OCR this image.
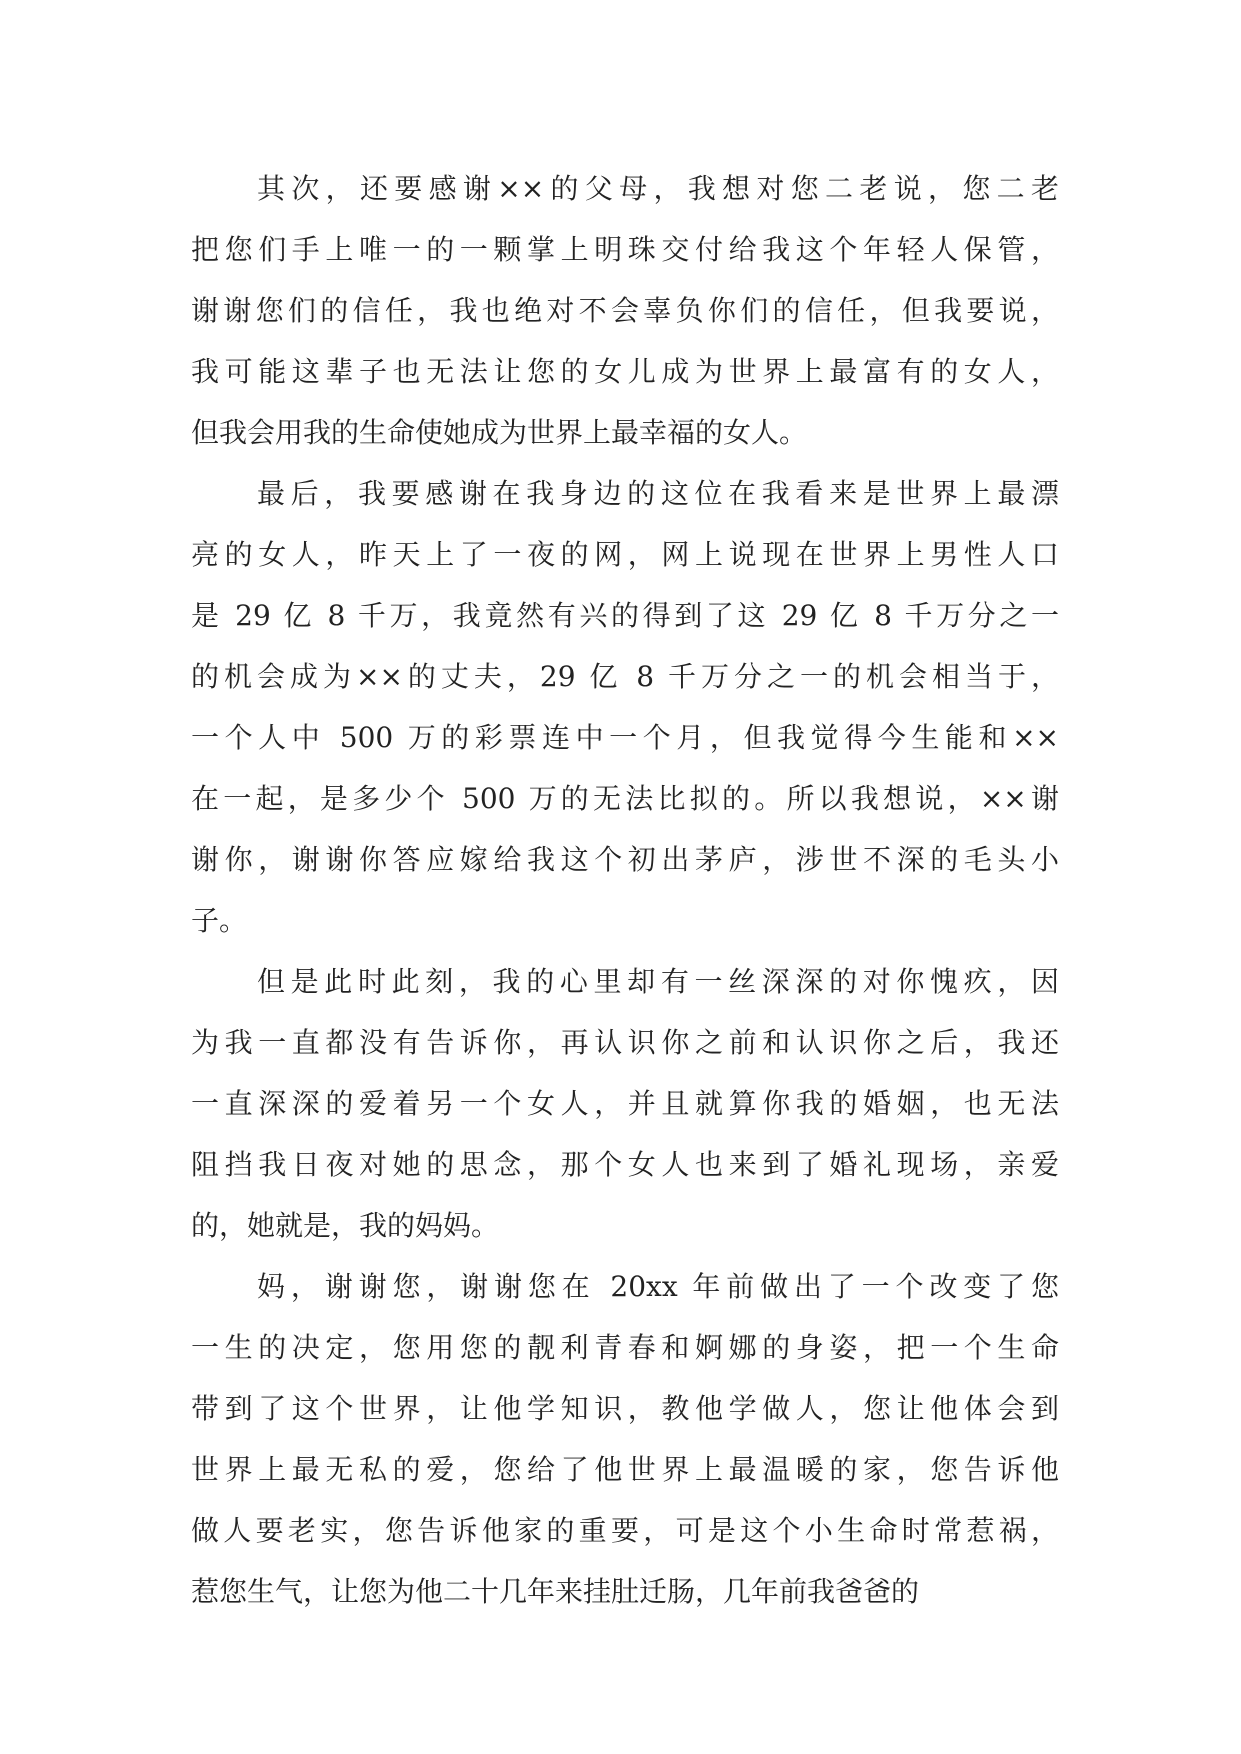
其次，还要感谢××的父母，我想对您二老说，您二老
把您们手上唯一的一颗掌上明珠交付给我这个年轻人保管，
谢谢您们的信任，我也绝对不会辜负你们的信任，但我要说，
我可能这辈子也无法让您的女儿成为世界上最富有的女人，
但我会用我的生命使她成为世界上最幸福的女人。
最后，我要感谢在我身边的这位在我看来是世界上最漂
亮的女人，昨天上了一夜的网，网上说现在世界上男性人口
是 29 亿 8 千万，我竟然有兴的得到了这 29 亿 8 千万分之一
的机会成为××的丈夫，29 亿 8 千万分之一的机会相当于，
一个人中 500 万的彩票连中一个月，但我觉得今生能和××
在一起，是多少个 500 万的无法比拟的。所以我想说，××谢
谢你，谢谢你答应嫁给我这个初出茅庐，涉世不深的毛头小
子。
但是此时此刻，我的心里却有一丝深深的对你愧疚，因
为我一直都没有告诉你，再认识你之前和认识你之后，我还
一直深深的爱着另一个女人，并且就算你我的婚姻，也无法
阻挡我日夜对她的思念，那个女人也来到了婚礼现场，亲爱
的，她就是，我的妈妈。
妈，谢谢您，谢谢您在 20xx 年前做出了一个改变了您
一生的决定，您用您的靓利青春和婀娜的身姿，把一个生命
带到了这个世界，让他学知识，教他学做人，您让他体会到
世界上最无私的爱，您给了他世界上最温暖的家，您告诉他
做人要老实，您告诉他家的重要，可是这个小生命时常惹祸，
惹您生气，让您为他二十几年来挂肚迁肠，几年前我爸爸的
